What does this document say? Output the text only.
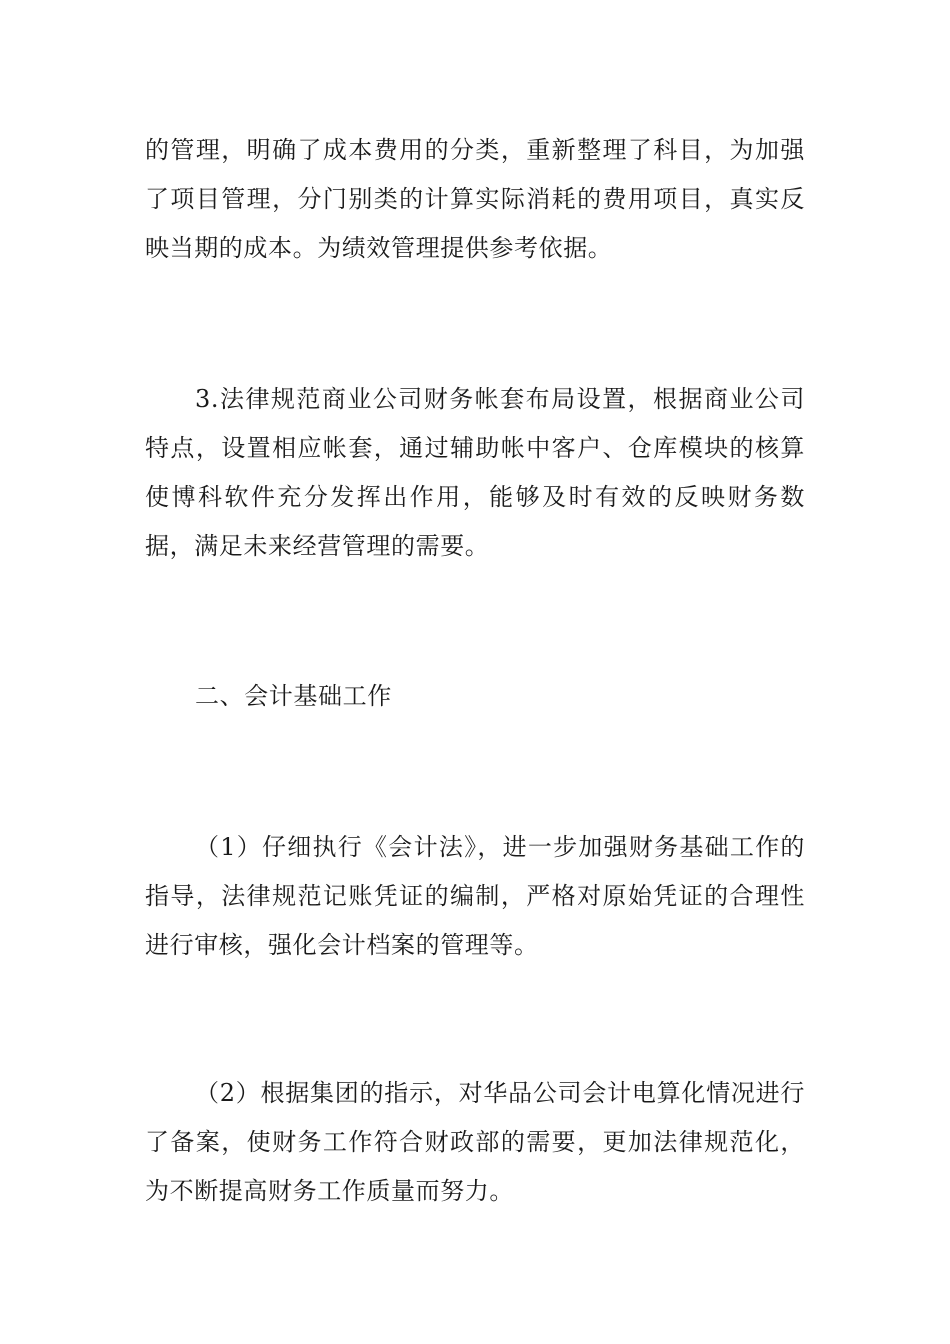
的管理，明确了成本费用的分类，重新整理了科目，为加强了项目管理，分门别类的计算实际消耗的费用项目，真实反映当期的成本。为绩效管理提供参考依据。

3.法律规范商业公司财务帐套布局设置，根据商业公司特点，设置相应帐套，通过辅助帐中客户、仓库模块的核算使博科软件充分发挥出作用，能够及时有效的反映财务数据，满足未来经营管理的需要。

二、会计基础工作

（1）仔细执行《会计法》，进一步加强财务基础工作的指导，法律规范记账凭证的编制，严格对原始凭证的合理性进行审核，强化会计档案的管理等。

（2）根据集团的指示，对华品公司会计电算化情况进行了备案，使财务工作符合财政部的需要，更加法律规范化，为不断提高财务工作质量而努力。
